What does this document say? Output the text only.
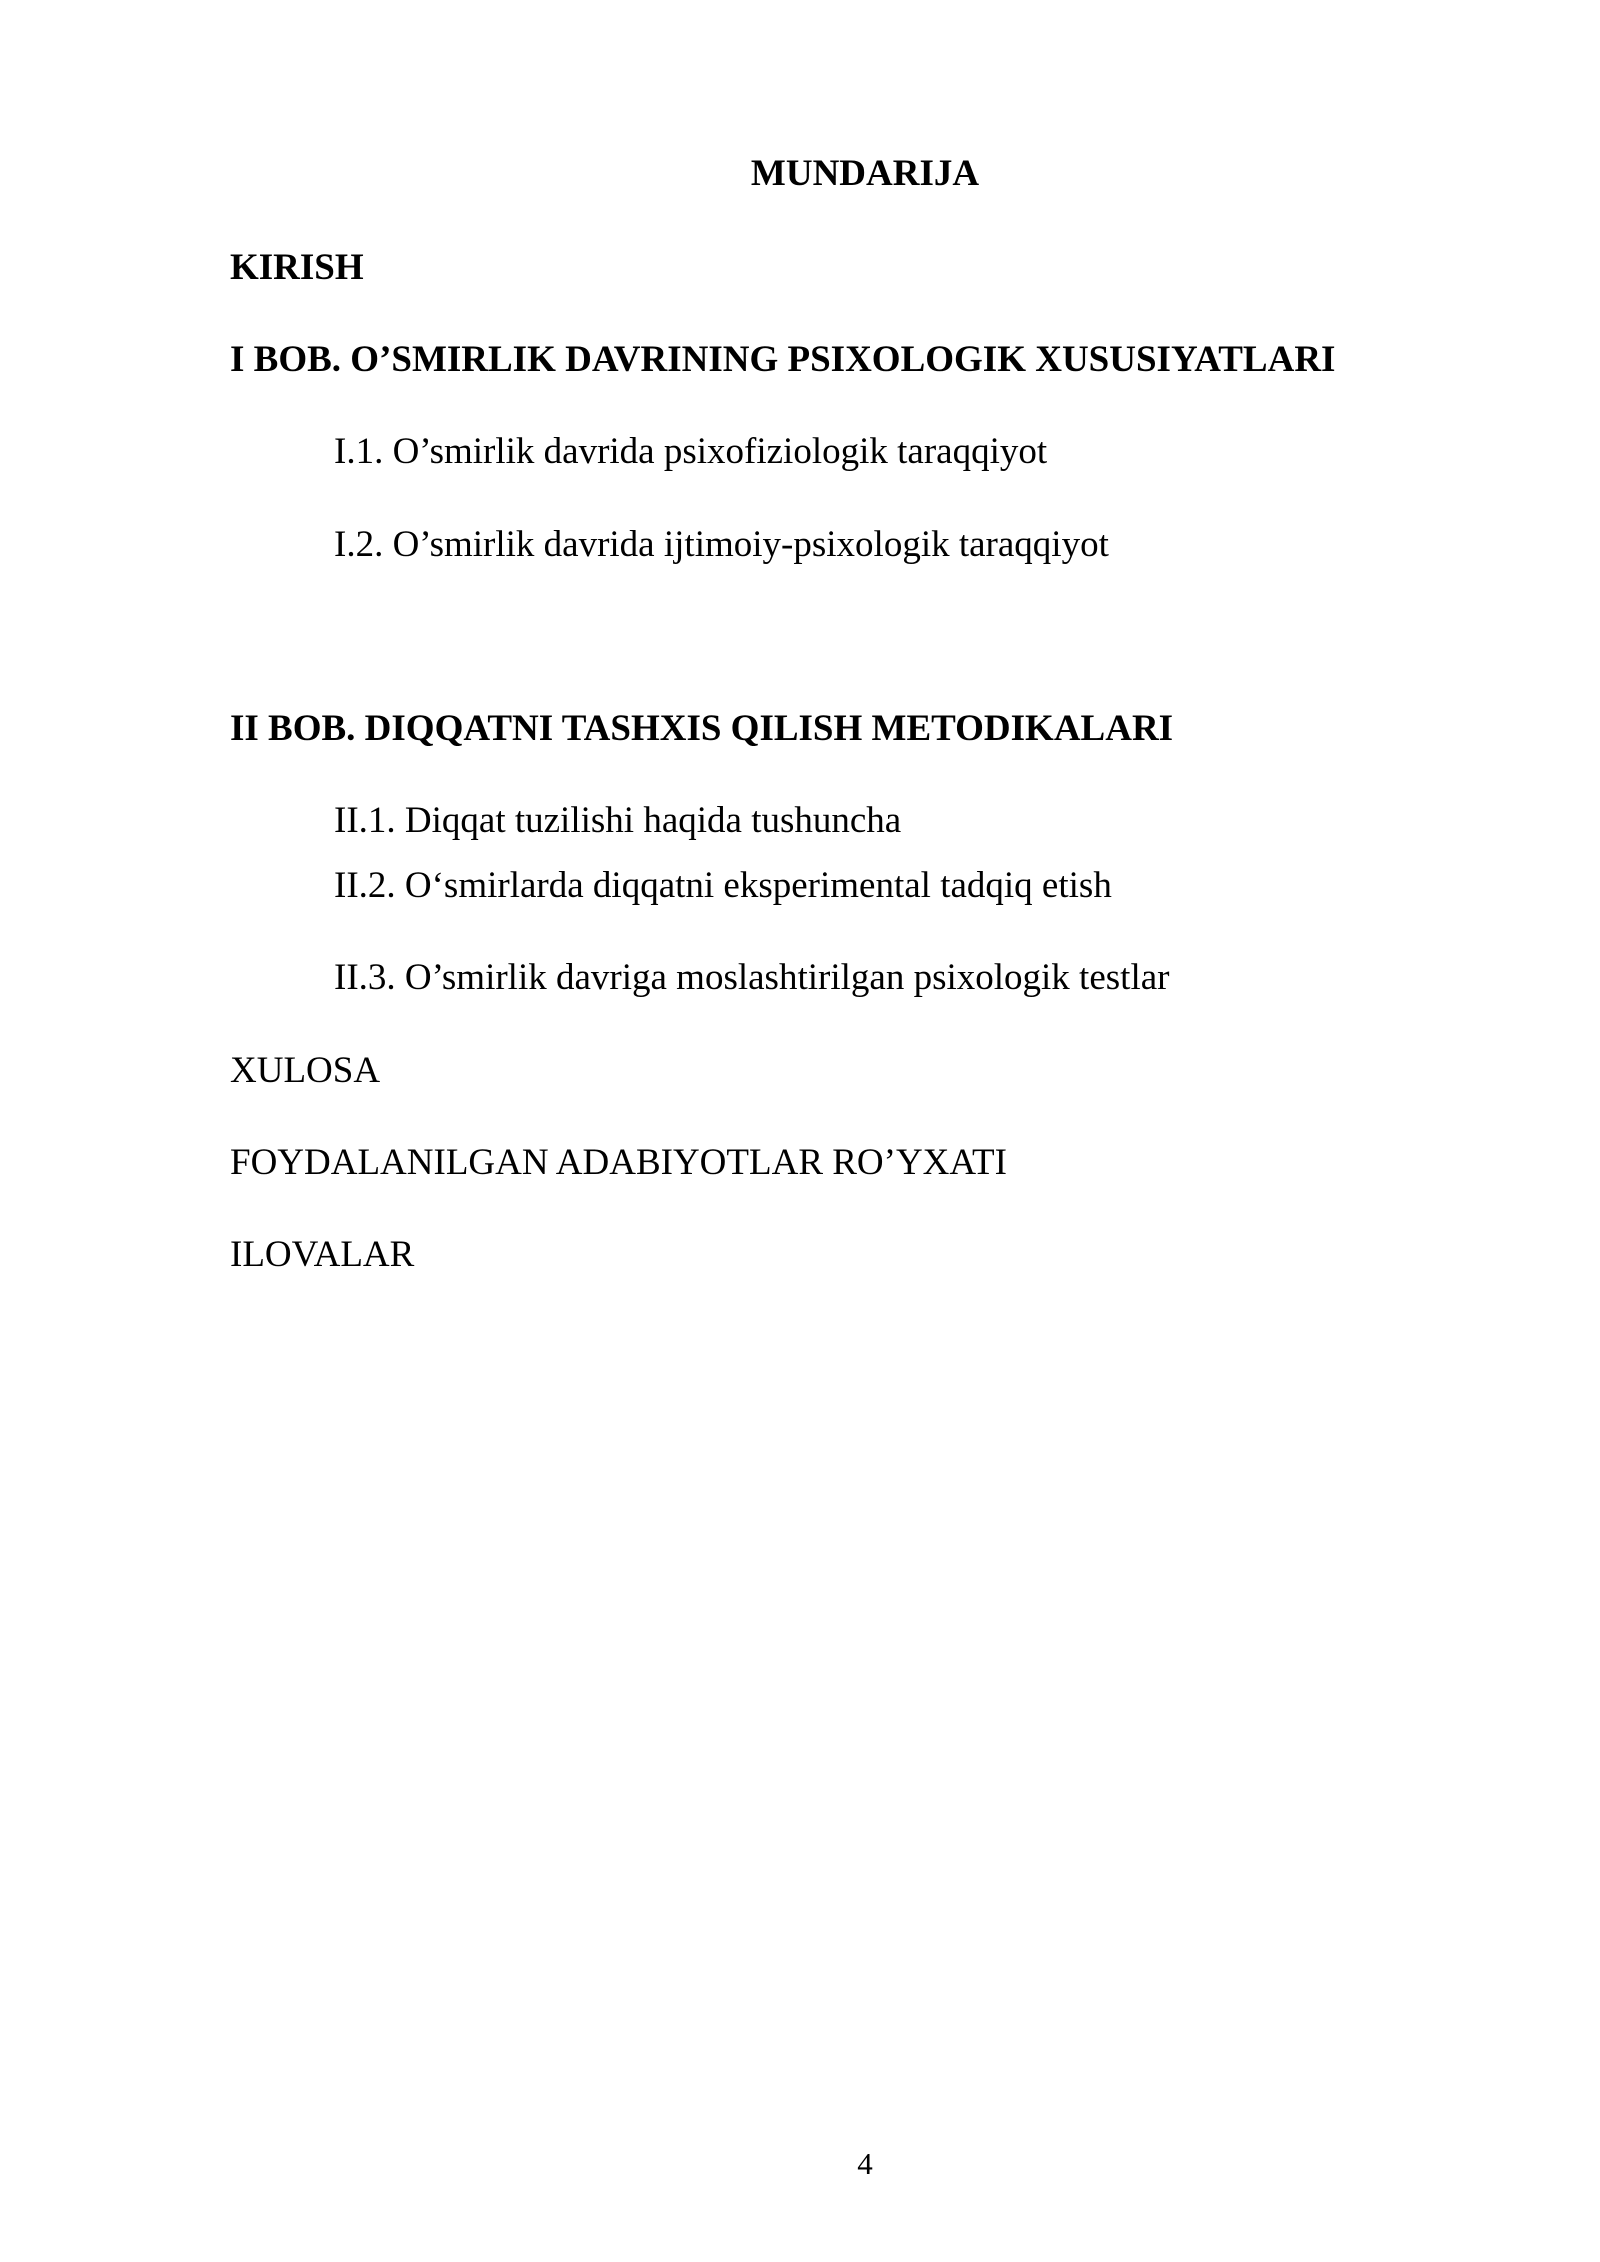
MUNDARIJA
KIRISH
I BOB. O’SMIRLIK DAVRINING PSIXOLOGIK XUSUSIYATLARI
I.1. O’smirlik davrida psixofiziologik taraqqiyot
I.2. O’smirlik davrida ijtimoiy-psixologik taraqqiyot
II BOB. DIQQATNI TASHXIS QILISH METODIKALARI
II.1. Diqqat tuzilishi haqida tushuncha
II.2. O‘smirlarda diqqatni eksperimental tadqiq etish
II.3. O’smirlik davriga moslashtirilgan psixologik testlar
XULOSA
FOYDALANILGAN ADABIYOTLAR RO’YXATI
ILOVALAR
4
